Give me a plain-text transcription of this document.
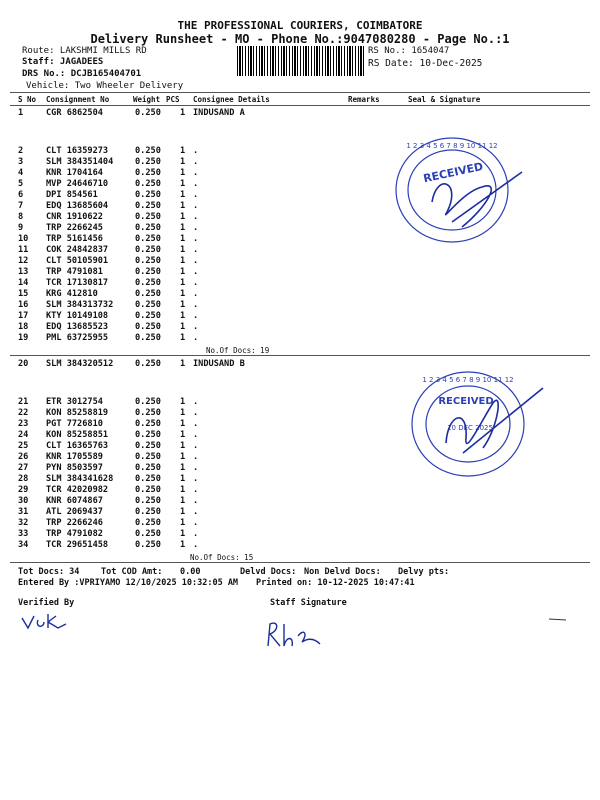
THE PROFESSIONAL COURIERS, COIMBATORE
Delivery Runsheet - MO - Phone No.:9047080280 - Page No.:1
Route: LAKSHMI MILLS RD
Staff: JAGADEES
DRS No.: DCJB165404701
Vehicle: Two Wheeler Delivery
RS No.: 1654047
RS Date: 10-Dec-2025
S No Consignment No	Weight PCS Consignee Details	Remarks	Seal & Signature
1	CGR 6862504	0.250 1 INDUSAND A
2	CLT 16359273	0.250 1 .
3	SLM 384351404	0.250 1 .
4	KNR 1704164	0.250 1 .
5	MVP 24646710	0.250 1 .
6	DPI 854561	0.250 1 .
7	EDQ 13685604	0.250 1 .
8	CNR 1910622	0.250 1 .
9	TRP 2266245	0.250 1 .
10 TRP 5161456	0.250 1 .
11 COK 24842837	0.250 1 .
12 CLT 50105901	0.250 1 .
13 TRP 4791081	0.250 1 .
14 TCR 17130817	0.250 1 .
15 KRG 412810	0.250 1 .
16 SLM 384313732	0.250 1 .
17 KTY 10149108	0.250 1 .
18 EDQ 13685523	0.250 1 .
19 PML 63725955	0.250 1 .
No.Of Docs: 19
20 SLM 384320512	0.250 1 INDUSAND B
21 ETR 3012754	0.250 1 .
22 KON 85258819	0.250 1 .
23 PGT 7726810	0.250 1 .
24 KON 85258851	0.250 1 .
25 CLT 16365763	0.250 1 .
26 KNR 1705589	0.250 1 .
27 PYN 8503597	0.250 1 .
28 SLM 384341628	0.250 1 .
29 TCR 42020982	0.250 1 .
30 KNR 6074867	0.250 1 .
31 ATL 2069437	0.250 1 .
32 TRP 2266246	0.250 1 .
33 TRP 4791082	0.250 1 .
34 TCR 29651458	0.250 1 .
No.Of Docs: 15
1 2 3 4 5 6 7 8 9 10 11 12
RECEIVED
1 2 3 4 5 6 7 8 9 10 11 12
RECEIVED
10 DEC 2025
Tot Docs: 34	Tot COD Amt: 0.00	Delvd Docs: Non Delvd Docs: Delvy pts:
Entered By :VPRIYAMO 12/10/2025 10:32:05 AM Printed on: 10-12-2025 10:47:41
Verified By	Staff Signature
